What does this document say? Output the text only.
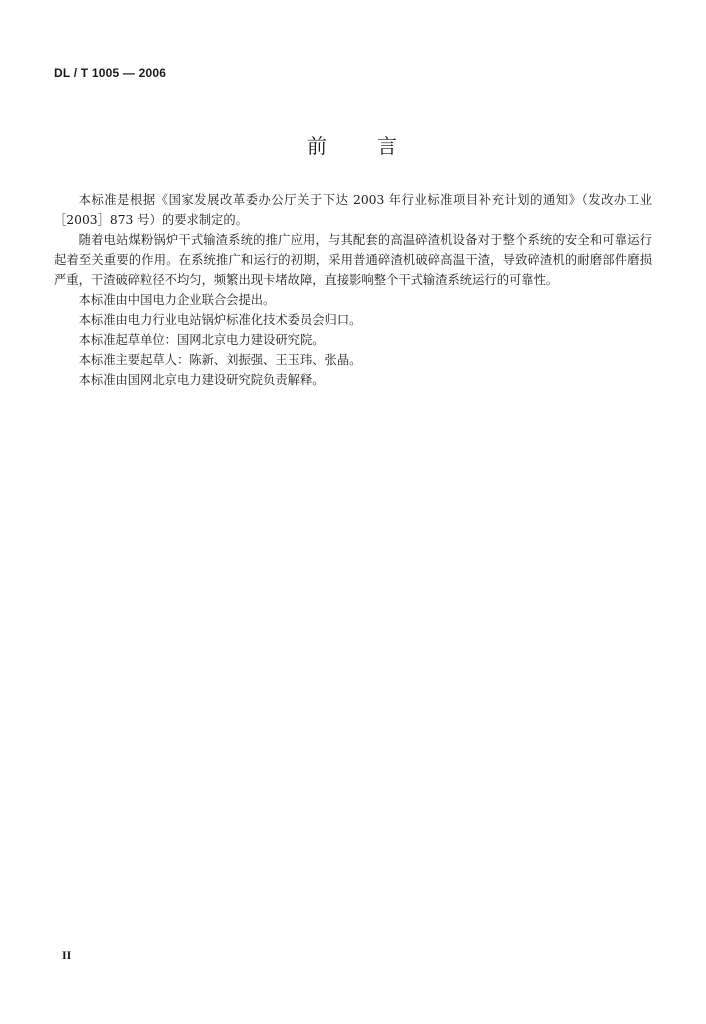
DL / T 1005 — 2006
前 言

本标准是根据《国家发展改革委办公厅关于下达 2003 年行业标准项目补充计划的通知》（发改办工业［2003］873 号）的要求制定的。

随着电站煤粉锅炉干式输渣系统的推广应用，与其配套的高温碎渣机设备对于整个系统的安全和可靠运行起着至关重要的作用。在系统推广和运行的初期，采用普通碎渣机破碎高温干渣，导致碎渣机的耐磨部件磨损严重，干渣破碎粒径不均匀，频繁出现卡堵故障，直接影响整个干式输渣系统运行的可靠性。

本标准由中国电力企业联合会提出。

本标准由电力行业电站锅炉标准化技术委员会归口。

本标准起草单位：国网北京电力建设研究院。

本标准主要起草人：陈新、刘振强、王玉玮、张晶。

本标准由国网北京电力建设研究院负责解释。

II
